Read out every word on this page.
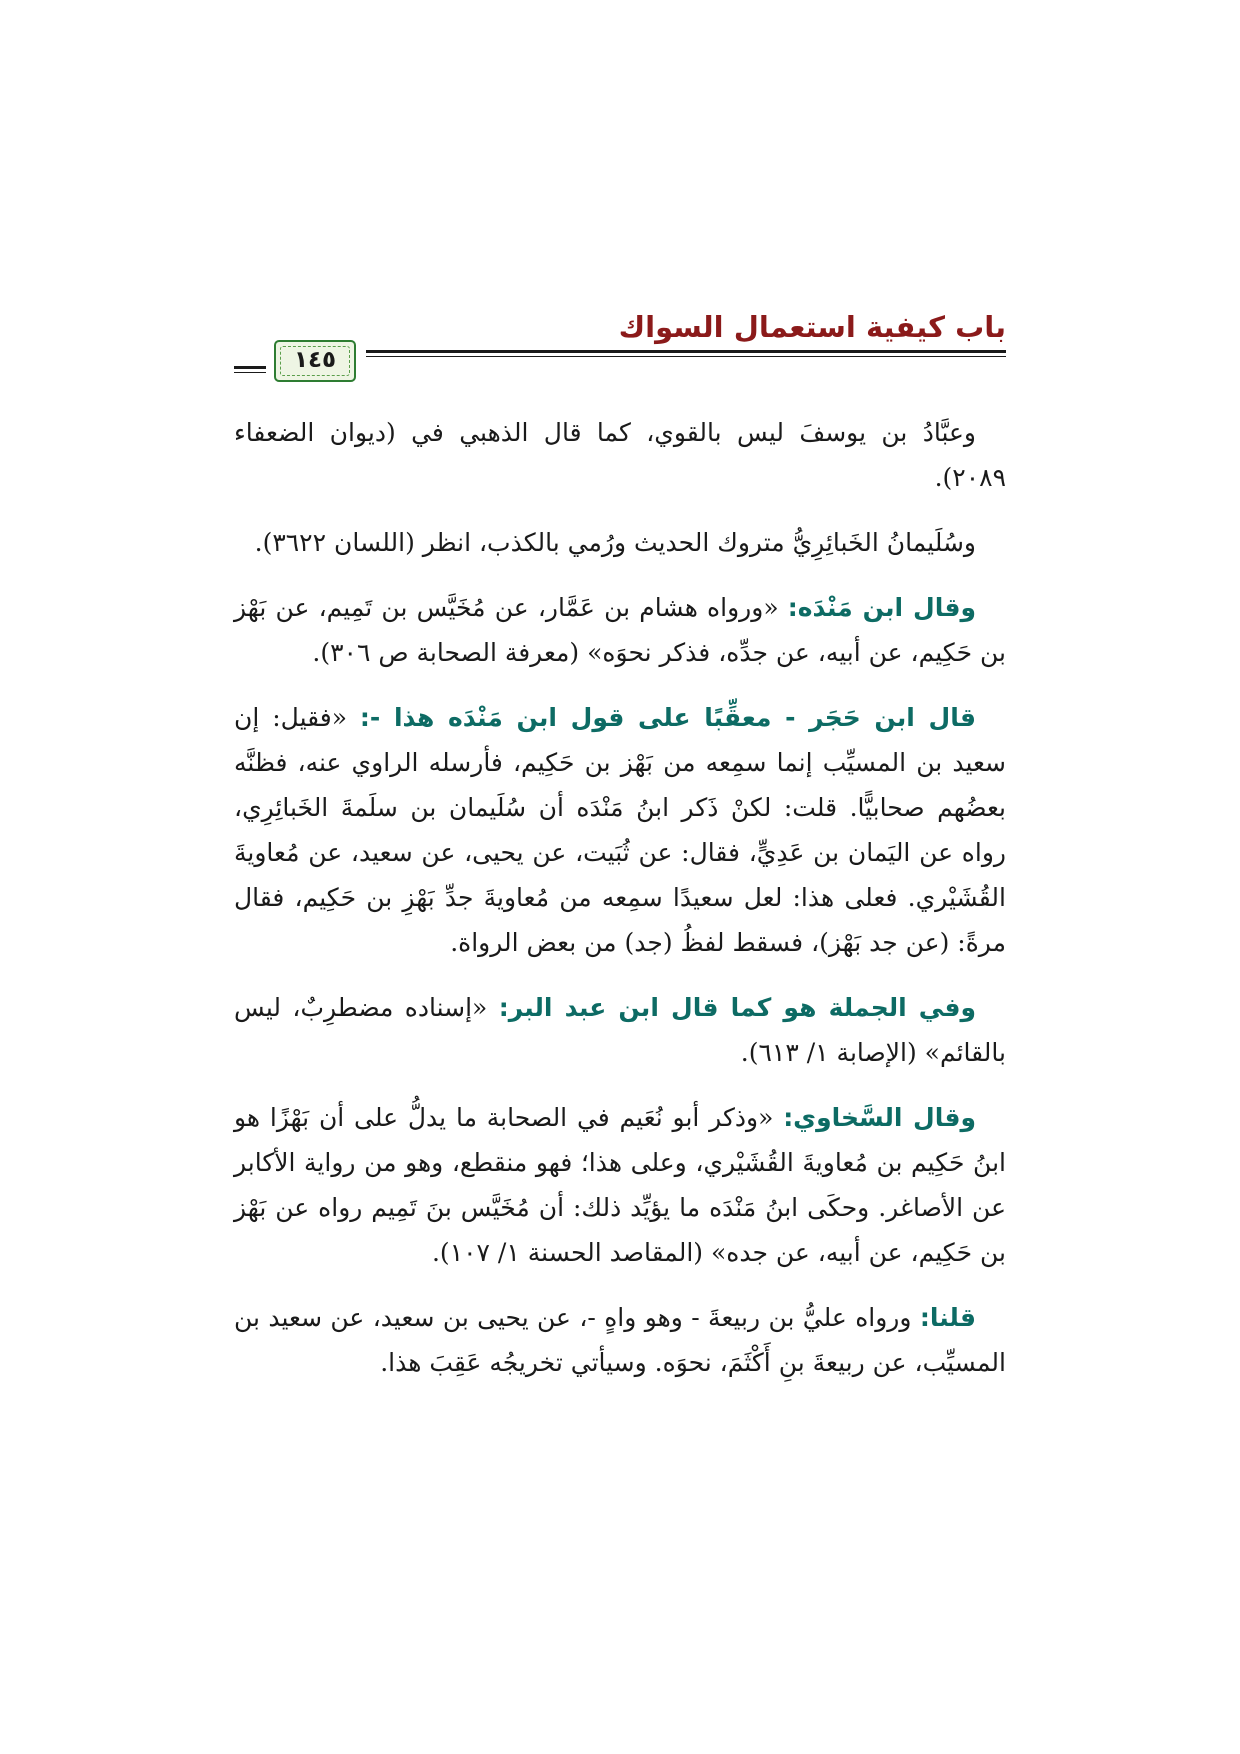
باب كيفية استعمال السواك
١٤٥

وعبَّادُ بن يوسفَ ليس بالقوي، كما قال الذهبي في (ديوان الضعفاء ٢٠٨٩).

وسُلَيمانُ الخَبائِرِيُّ متروك الحديث ورُمي بالكذب، انظر (اللسان ٣٦٢٢).

وقال ابن مَنْدَه: «ورواه هشام بن عَمَّار، عن مُخَيَّس بن تَمِيم، عن بَهْز بن حَكِيم، عن أبيه، عن جدِّه، فذكر نحوَه» (معرفة الصحابة ص ٣٠٦).

قال ابن حَجَر - معقِّبًا على قول ابن مَنْدَه هذا -: «فقيل: إن سعيد بن المسيِّب إنما سمِعه من بَهْز بن حَكِيم، فأرسله الراوي عنه، فظنَّه بعضُهم صحابيًّا. قلت: لكنْ ذَكر ابنُ مَنْدَه أن سُلَيمان بن سلَمةَ الخَبائِرِي، رواه عن اليَمان بن عَدِيٍّ، فقال: عن ثُبَيت، عن يحيى، عن سعيد، عن مُعاويةَ القُشَيْري. فعلى هذا: لعل سعيدًا سمِعه من مُعاويةَ جدِّ بَهْزِ بن حَكِيم، فقال مرةً: (عن جد بَهْز)، فسقط لفظُ (جد) من بعض الرواة.

وفي الجملة هو كما قال ابن عبد البر: «إسناده مضطرِبٌ، ليس بالقائم» (الإصابة ١/ ٦١٣).

وقال السَّخاوي: «وذكر أبو نُعَيم في الصحابة ما يدلُّ على أن بَهْزًا هو ابنُ حَكِيم بن مُعاويةَ القُشَيْري، وعلى هذا؛ فهو منقطع، وهو من رواية الأكابر عن الأصاغر. وحكَى ابنُ مَنْدَه ما يؤيِّد ذلك: أن مُخَيَّس بنَ تَمِيم رواه عن بَهْز بن حَكِيم، عن أبيه، عن جده» (المقاصد الحسنة ١/ ١٠٧).

قلنا: ورواه عليُّ بن ربيعةَ - وهو واهٍ -، عن يحيى بن سعيد، عن سعيد بن المسيِّب، عن ربيعةَ بنِ أَكْثَمَ، نحوَه. وسيأتي تخريجُه عَقِبَ هذا.
